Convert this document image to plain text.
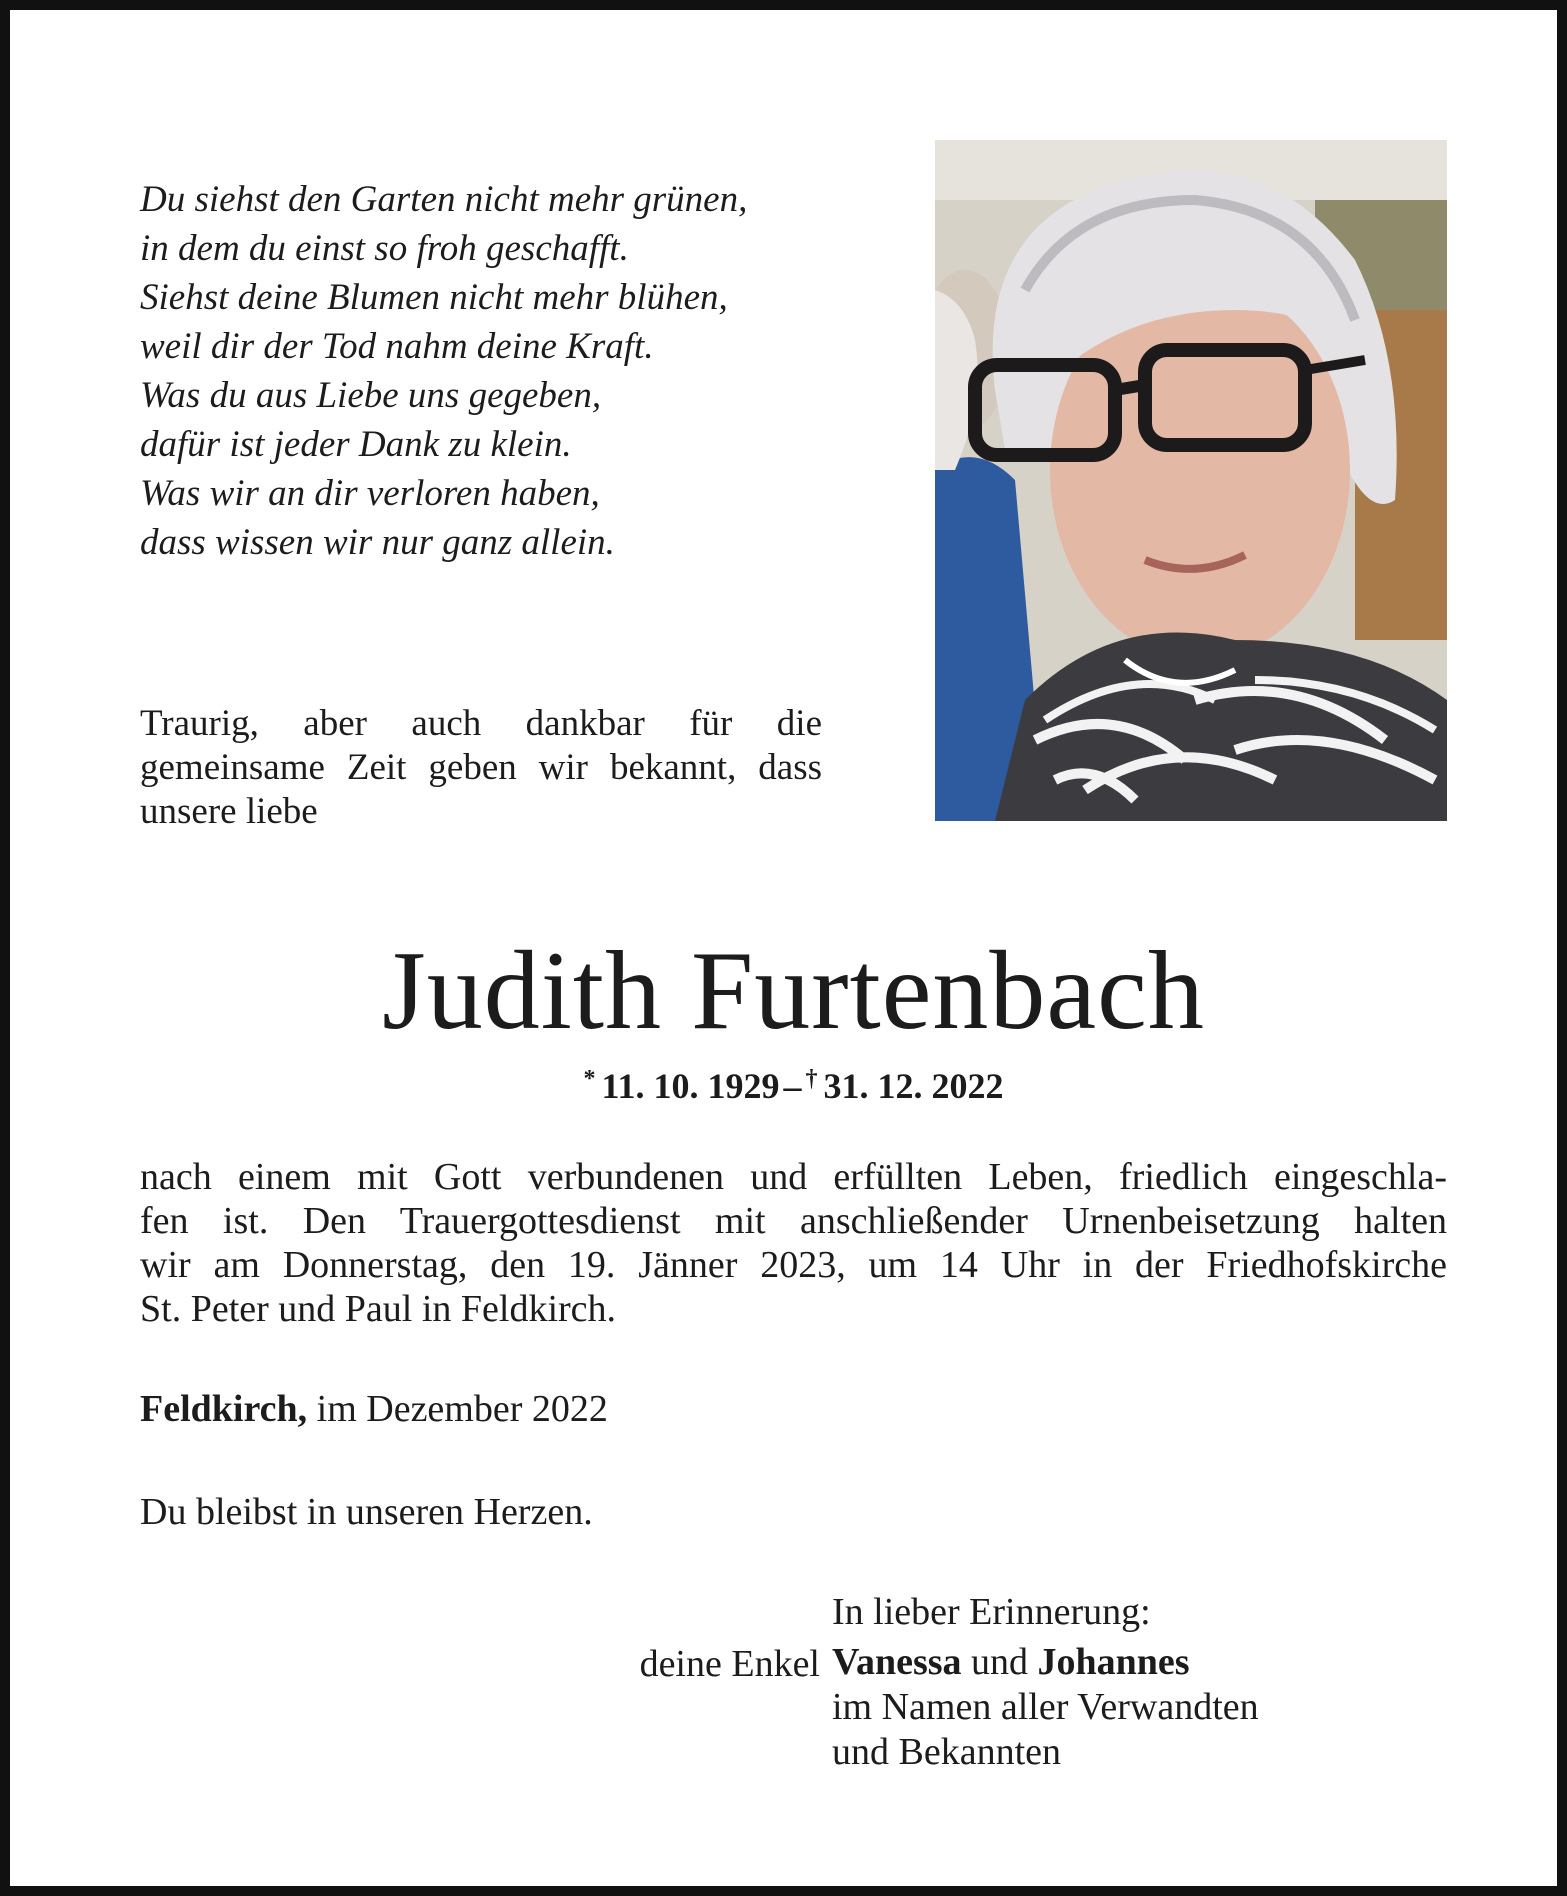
Du siehst den Garten nicht mehr grünen,
in dem du einst so froh geschafft.
Siehst deine Blumen nicht mehr blühen,
weil dir der Tod nahm deine Kraft.
Was du aus Liebe uns gegeben,
dafür ist jeder Dank zu klein.
Was wir an dir verloren haben,
dass wissen wir nur ganz allein.
Traurig, aber auch dankbar für die gemeinsame Zeit geben wir bekannt, dass unsere liebe
Judith Furtenbach
* 11. 10. 1929 – † 31. 12. 2022
nach einem mit Gott verbundenen und erfüllten Leben, friedlich eingeschla-
fen ist. Den Trauergottesdienst mit anschließender Urnenbeisetzung halten
wir am Donnerstag, den 19. Jänner 2023, um 14 Uhr in der Friedhofskirche
St. Peter und Paul in Feldkirch.
Feldkirch, im Dezember 2022
Du bleibst in unseren Herzen.
In lieber Erinnerung:
deine Enkel Vanessa und Johannes
im Namen aller Verwandten
und Bekannten
